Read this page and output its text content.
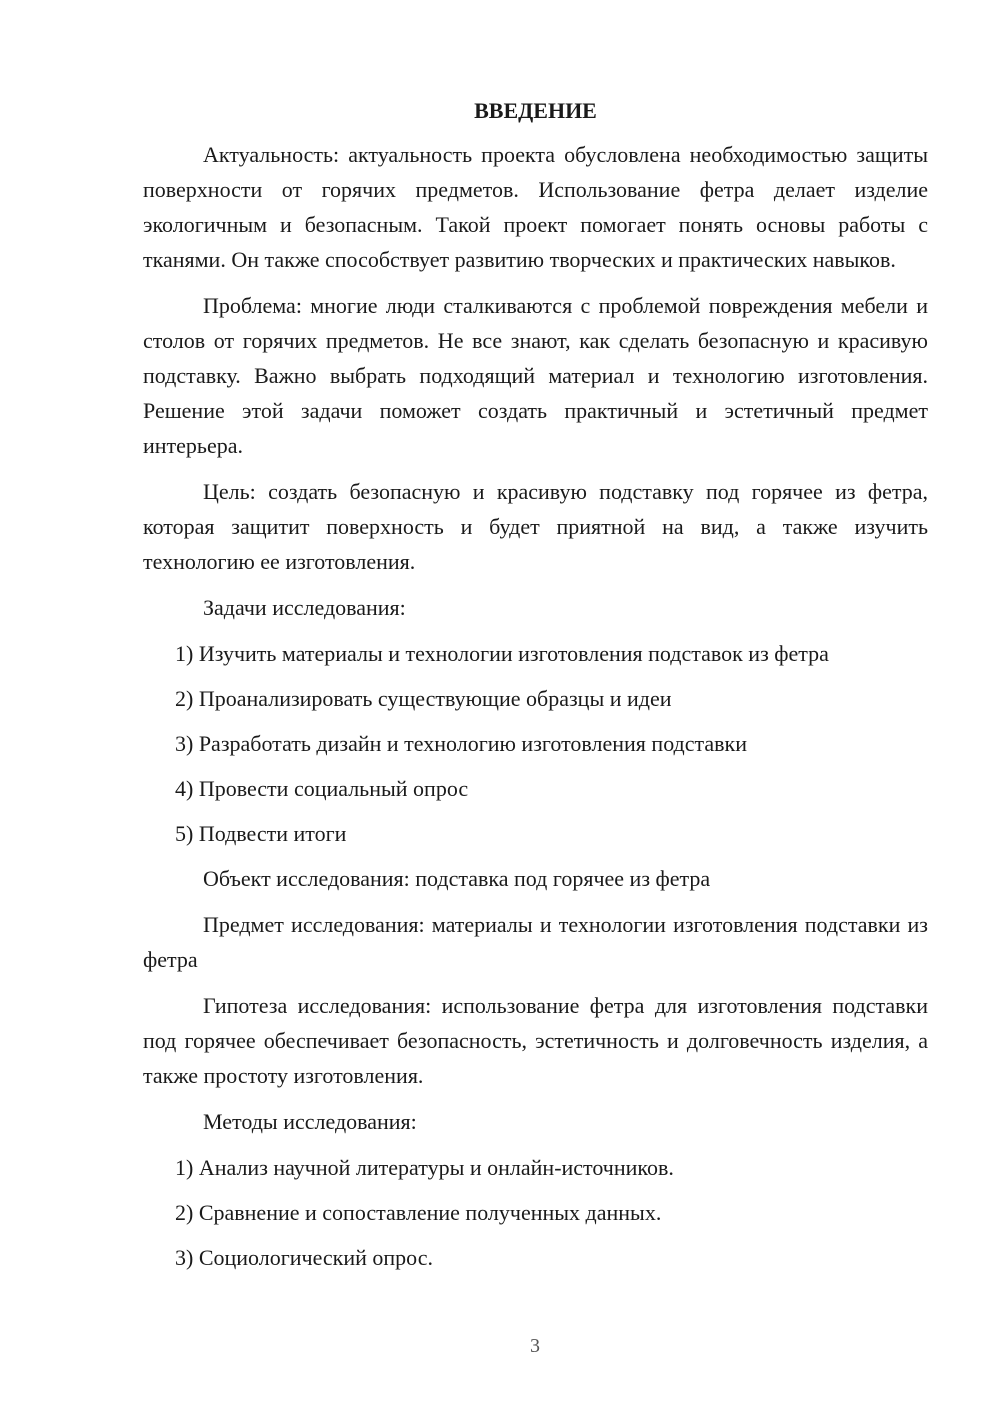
ВВЕДЕНИЕ

Актуальность: актуальность проекта обусловлена необходимостью защиты поверхности от горячих предметов. Использование фетра делает изделие экологичным и безопасным. Такой проект помогает понять основы работы с тканями. Он также способствует развитию творческих и практических навыков.

Проблема: многие люди сталкиваются с проблемой повреждения мебели и столов от горячих предметов. Не все знают, как сделать безопасную и красивую подставку. Важно выбрать подходящий материал и технологию изготовления. Решение этой задачи поможет создать практичный и эстетичный предмет интерьера.

Цель: создать безопасную и красивую подставку под горячее из фетра, которая защитит поверхность и будет приятной на вид, а также изучить технологию ее изготовления.

Задачи исследования:

1) Изучить материалы и технологии изготовления подставок из фетра

2) Проанализировать существующие образцы и идеи

3) Разработать дизайн и технологию изготовления подставки

4) Провести социальный опрос

5) Подвести итоги

Объект исследования: подставка под горячее из фетра

Предмет исследования: материалы и технологии изготовления подставки из фетра

Гипотеза исследования: использование фетра для изготовления подставки под горячее обеспечивает безопасность, эстетичность и долговечность изделия, а также простоту изготовления.

Методы исследования:

1) Анализ научной литературы и онлайн-источников.

2) Сравнение и сопоставление полученных данных.

3) Социологический опрос.

3
